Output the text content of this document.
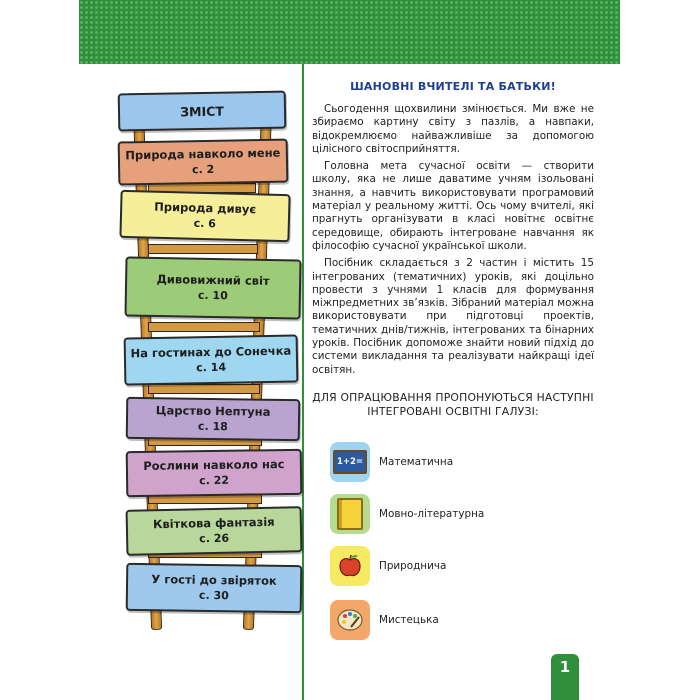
ЗМІСТ
Природа навколо мене
с. 2
Природа дивує
с. 6
Дивовижний світ
с. 10
На гостинах до Сонечка
с. 14
Царство Нептуна
с. 18
Рослини навколо нас
с. 22
Квіткова фантазія
с. 26
У гості до звіряток
с. 30
ШАНОВНІ ВЧИТЕЛІ ТА БАТЬКИ!

Сьогодення щохвилини змінюється. Ми вже не збираємо картину світу з пазлів, а навпаки, відокремлюємо найважливіше за допомогою цілісного світосприйняття.

Головна мета сучасної освіти — створити школу, яка не лише даватиме учням ізольовані знання, а навчить використовувати програмовий матеріал у реальному житті. Ось чому вчителі, які прагнуть організувати в класі новітнє освітнє середовище, обирають інтегроване навчання як філософію сучасної української школи.

Посібник складається з 2 частин і містить 15 інтегрованих (тематичних) уроків, які доцільно провести з учнями 1 класів для формування міжпредметних зв’язків. Зібраний матеріал можна використовувати при підготовці проектів, тематичних днів/тижнів, інтегрованих та бінарних уроків. Посібник допоможе знайти новий підхід до системи викладання та реалізувати найкращі ідеї освітян.

ДЛЯ ОПРАЦЮВАННЯ ПРОПОНУЮТЬСЯ НАСТУПНІ ІНТЕГРОВАНІ ОСВІТНІ ГАЛУЗІ:
1+2=	Математична
Мовно-літературна
Природнича
Мистецька
1
